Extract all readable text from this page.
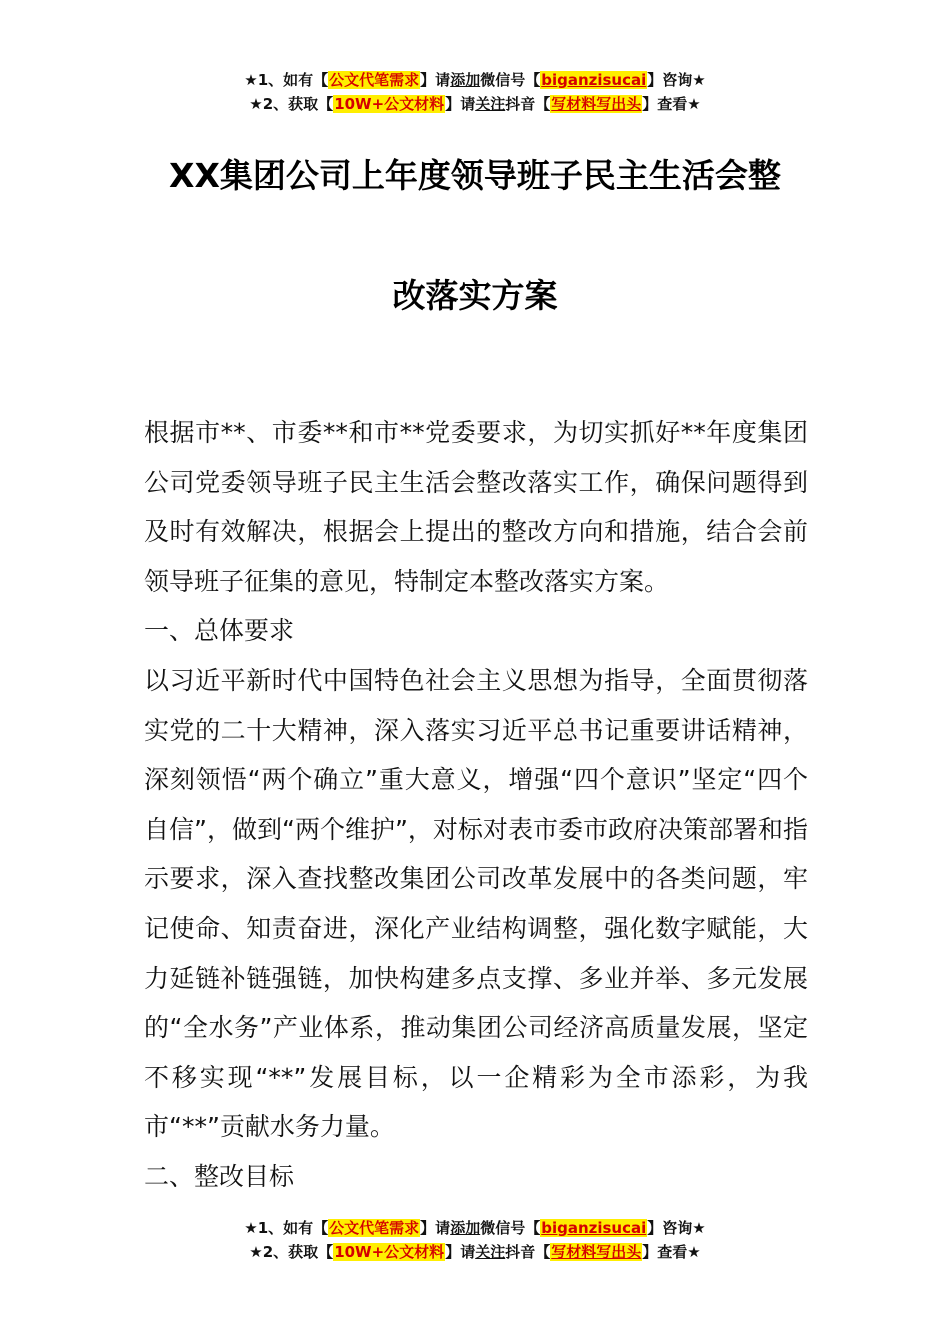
★1、如有【公文代笔需求】请添加微信号【biganzisucai】咨询★
★2、获取【10W+公文材料】请关注抖音【写材料写出头】查看★
XX集团公司上年度领导班子民主生活会整
改落实方案

根据市**、市委**和市**党委要求，为切实抓好**年度集团公司党委领导班子民主生活会整改落实工作，确保问题得到及时有效解决，根据会上提出的整改方向和措施，结合会前领导班子征集的意见，特制定本整改落实方案。

一、总体要求

以习近平新时代中国特色社会主义思想为指导，全面贯彻落实党的二十大精神，深入落实习近平总书记重要讲话精神，深刻领悟“两个确立”重大意义，增强“四个意识”坚定“四个自信”，做到“两个维护”，对标对表市委市政府决策部署和指示要求，深入查找整改集团公司改革发展中的各类问题，牢记使命、知责奋进，深化产业结构调整，强化数字赋能，大力延链补链强链，加快构建多点支撑、多业并举、多元发展的“全水务”产业体系，推动集团公司经济高质量发展，坚定不移实现“**”发展目标，以一企精彩为全市添彩，为我市“**”贡献水务力量。

二、整改目标

★1、如有【公文代笔需求】请添加微信号【biganzisucai】咨询★
★2、获取【10W+公文材料】请关注抖音【写材料写出头】查看★
